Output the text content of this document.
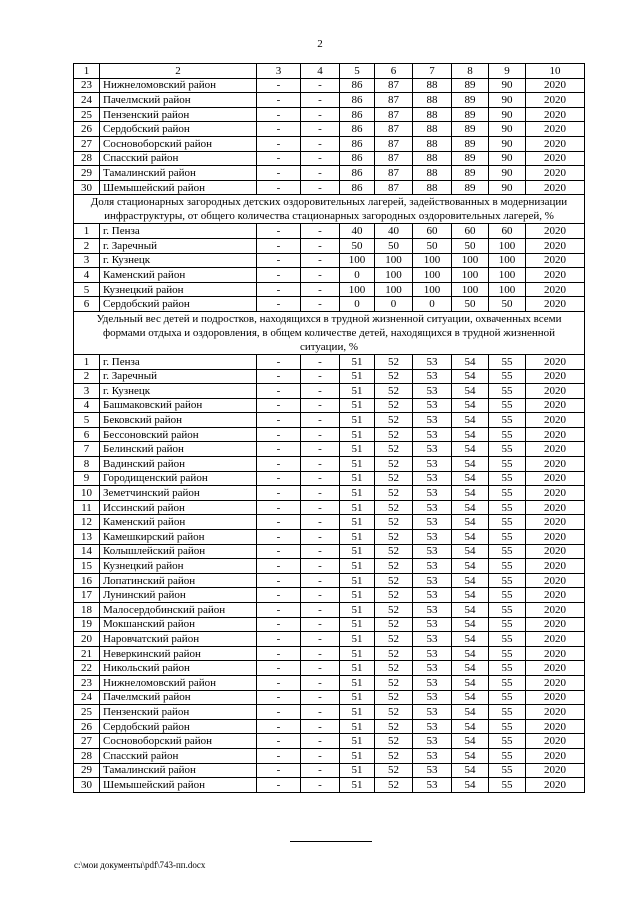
2
1	2	3	4	5	6	7	8	9	10
23	Нижнеломовский район	-	-	86	87	88	89	90	2020
24	Пачелмский район	-	-	86	87	88	89	90	2020
25	Пензенский район	-	-	86	87	88	89	90	2020
26	Сердобский район	-	-	86	87	88	89	90	2020
27	Сосновоборский район	-	-	86	87	88	89	90	2020
28	Спасский район	-	-	86	87	88	89	90	2020
29	Тамалинский район	-	-	86	87	88	89	90	2020
30	Шемышейский район	-	-	86	87	88	89	90	2020
Доля стационарных загородных детских оздоровительных лагерей, задействованных в модернизации инфраструктуры, от общего количества стационарных загородных оздоровительных лагерей, %									
1	г. Пенза	-	-	40	40	60	60	60	2020
2	г. Заречный	-	-	50	50	50	50	100	2020
3	г. Кузнецк	-	-	100	100	100	100	100	2020
4	Каменский район	-	-	0	100	100	100	100	2020
5	Кузнецкий район	-	-	100	100	100	100	100	2020
6	Сердобский район	-	-	0	0	0	50	50	2020
Удельный вес детей и подростков, находящихся в трудной жизненной ситуации, охваченных всеми формами отдыха и оздоровления, в общем количестве детей, находящихся в трудной жизненной ситуации, %									
1	г. Пенза	-	-	51	52	53	54	55	2020
2	г. Заречный	-	-	51	52	53	54	55	2020
3	г. Кузнецк	-	-	51	52	53	54	55	2020
4	Башмаковский район	-	-	51	52	53	54	55	2020
5	Бековский район	-	-	51	52	53	54	55	2020
6	Бессоновский район	-	-	51	52	53	54	55	2020
7	Белинский район	-	-	51	52	53	54	55	2020
8	Вадинский район	-	-	51	52	53	54	55	2020
9	Городищенский район	-	-	51	52	53	54	55	2020
10	Земетчинский район	-	-	51	52	53	54	55	2020
11	Иссинский район	-	-	51	52	53	54	55	2020
12	Каменский район	-	-	51	52	53	54	55	2020
13	Камешкирский район	-	-	51	52	53	54	55	2020
14	Колышлейский район	-	-	51	52	53	54	55	2020
15	Кузнецкий район	-	-	51	52	53	54	55	2020
16	Лопатинский район	-	-	51	52	53	54	55	2020
17	Лунинский район	-	-	51	52	53	54	55	2020
18	Малосердобинский район	-	-	51	52	53	54	55	2020
19	Мокшанский район	-	-	51	52	53	54	55	2020
20	Наровчатский район	-	-	51	52	53	54	55	2020
21	Неверкинский район	-	-	51	52	53	54	55	2020
22	Никольский район	-	-	51	52	53	54	55	2020
23	Нижнеломовский район	-	-	51	52	53	54	55	2020
24	Пачелмский район	-	-	51	52	53	54	55	2020
25	Пензенский район	-	-	51	52	53	54	55	2020
26	Сердобский район	-	-	51	52	53	54	55	2020
27	Сосновоборский район	-	-	51	52	53	54	55	2020
28	Спасский район	-	-	51	52	53	54	55	2020
29	Тамалинский район	-	-	51	52	53	54	55	2020
30	Шемышейский район	-	-	51	52	53	54	55	2020
c:\мои документы\pdf\743-пп.docx
